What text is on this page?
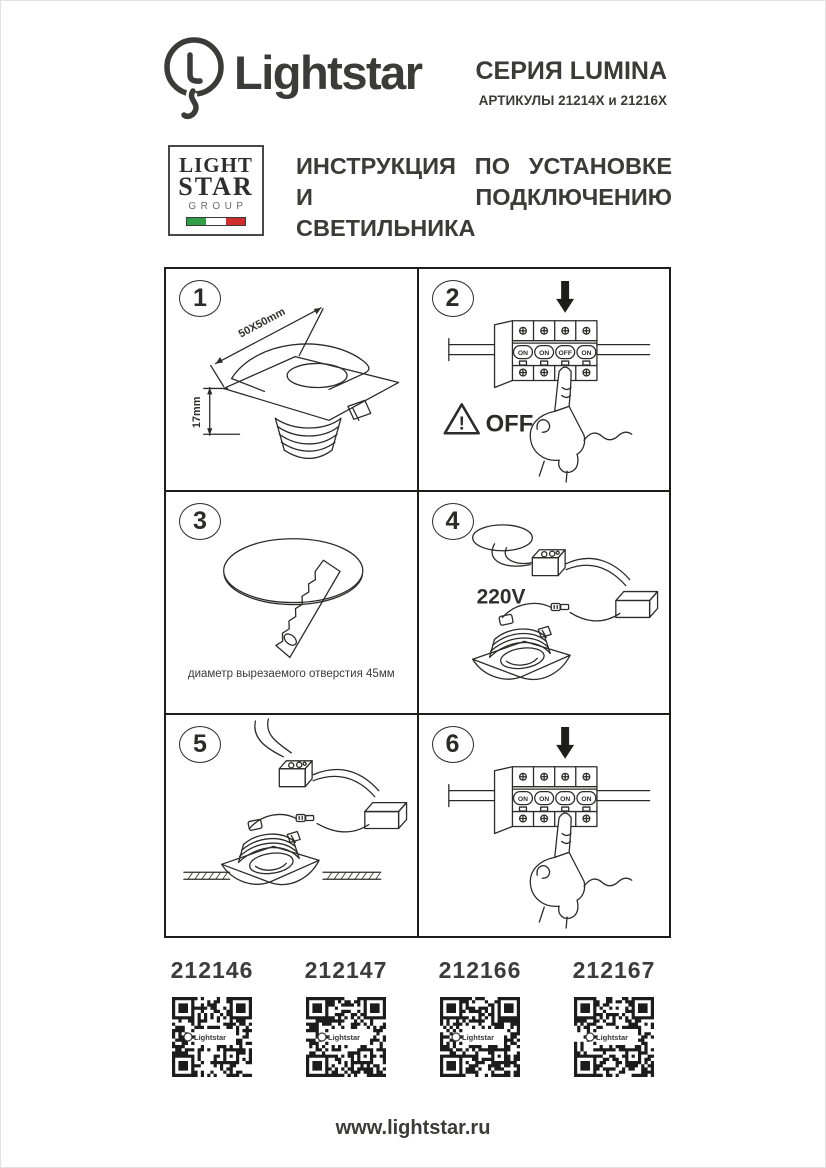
Lightstar СЕРИЯ LUMINA
АРТИКУЛЫ 21214X и 21216X
LIGHT
STAR
GROUP
ИНСТРУКЦИЯ ПО УСТАНОВКЕ
И ПОДКЛЮЧЕНИЮ СВЕТИЛЬНИКА
1
50X50mm
17mm
2
ON ON OFF ON
! OFF
3
диаметр вырезаемого отверстия 45мм
4
220V
5	6
ON ON ON ON
212146
Lightstar
212147
Lightstar
212166
Lightstar
212167
Lightstar
www.lightstar.ru
